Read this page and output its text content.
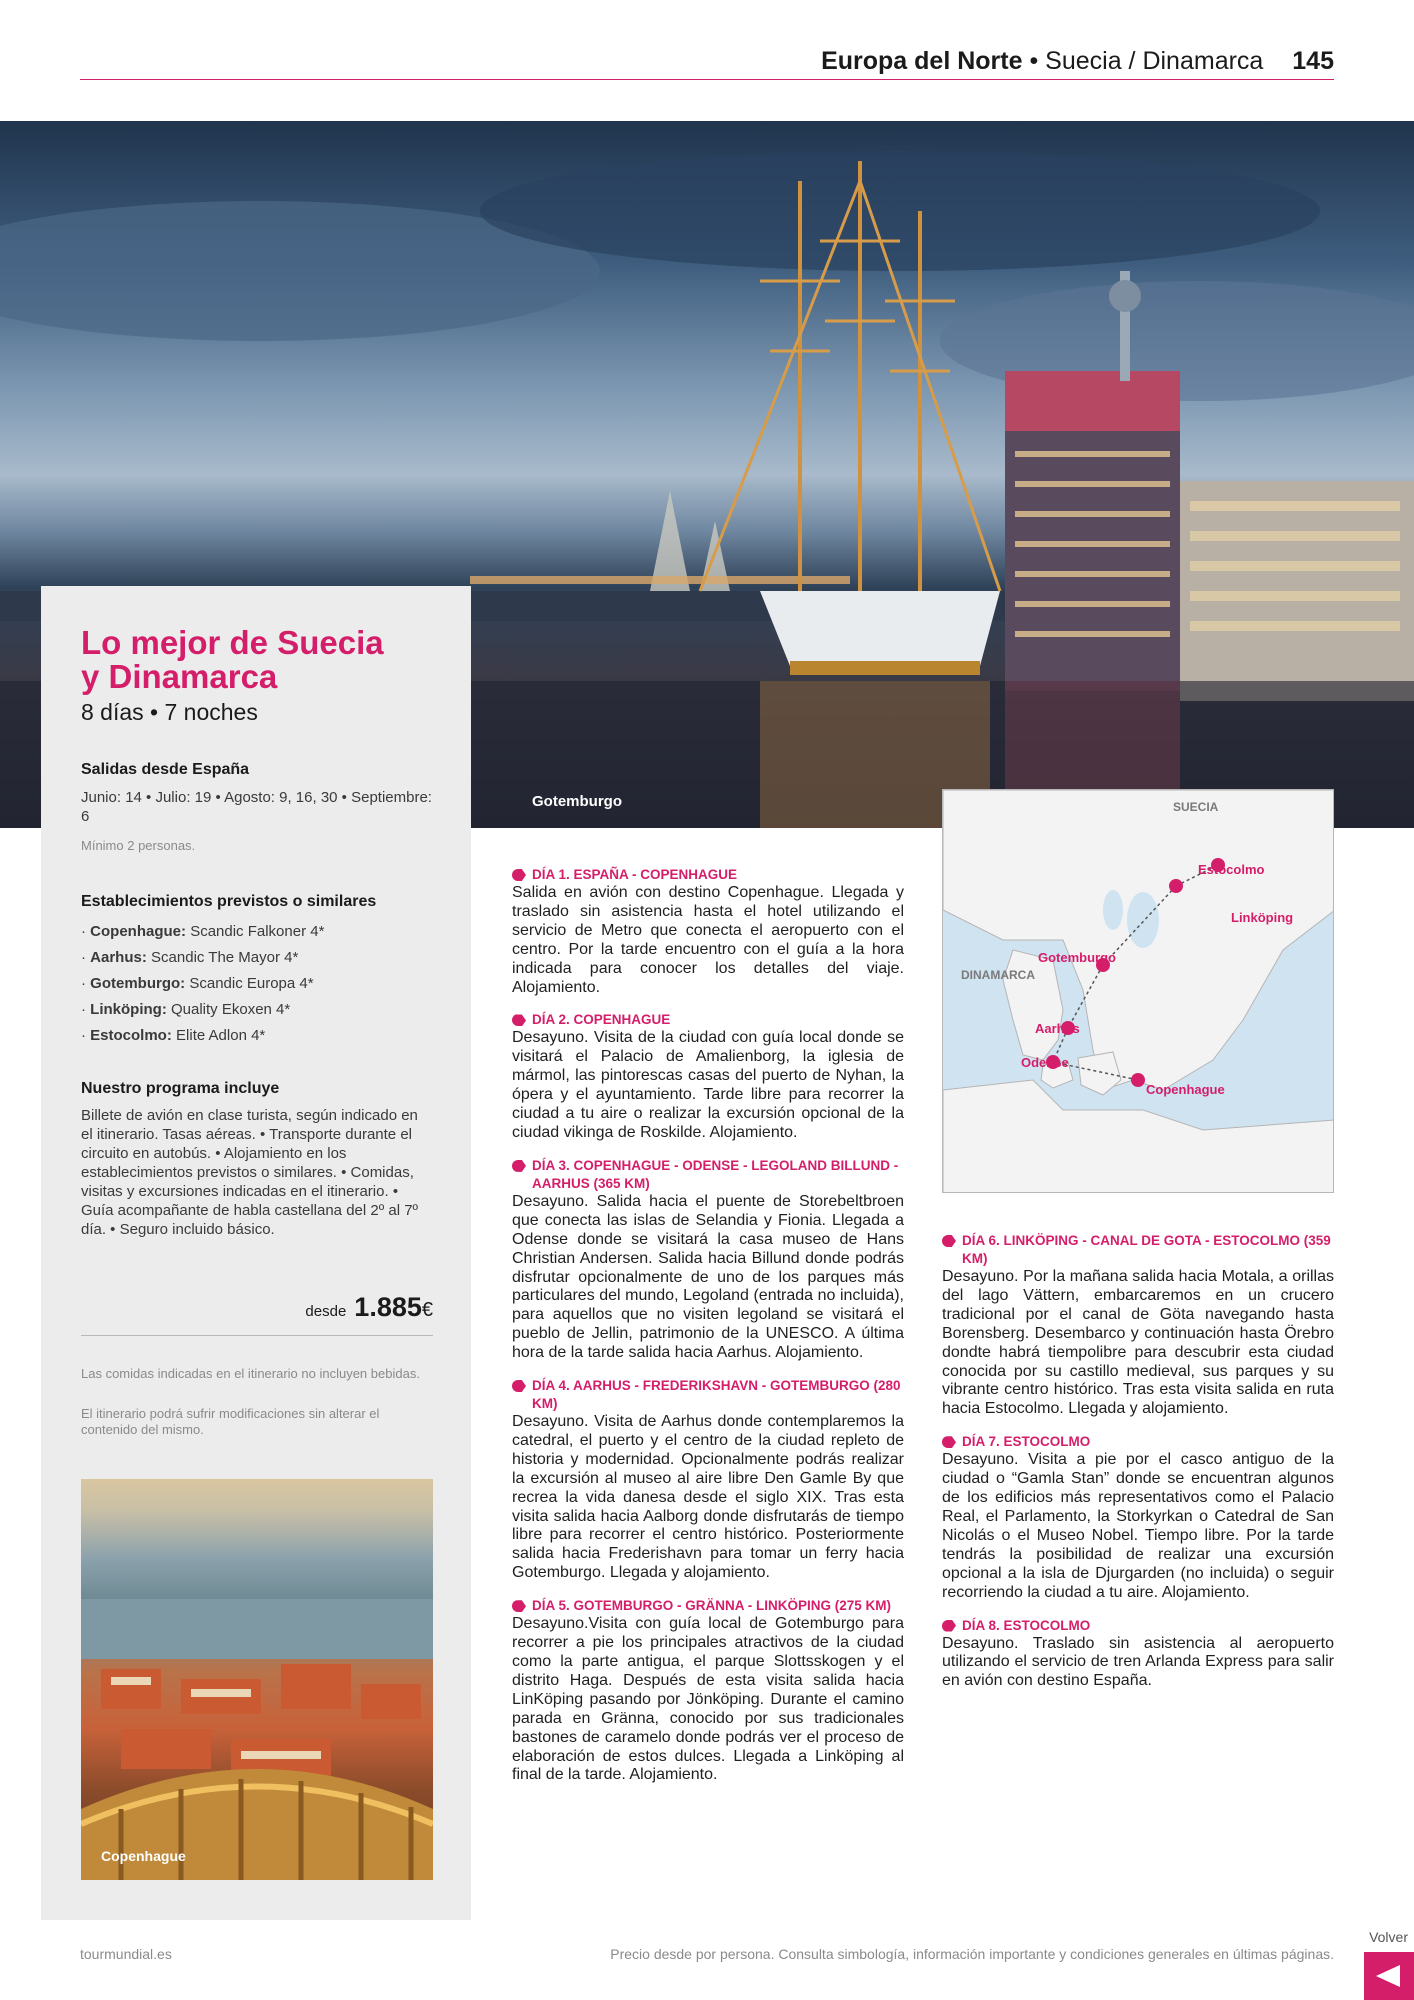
Europa del Norte • Suecia / Dinamarca 145
Gotemburgo
Lo mejor de Suecia
y Dinamarca
8 días • 7 noches
Salidas desde España
Junio: 14 • Julio: 19 • Agosto: 9, 16, 30 • Septiembre: 6
Mínimo 2 personas.
Establecimientos previstos o similares
· Copenhague: Scandic Falkoner 4*
· Aarhus: Scandic The Mayor 4*
· Gotemburgo: Scandic Europa 4*
· Linköping: Quality Ekoxen 4*
· Estocolmo: Elite Adlon 4*
Nuestro programa incluye
Billete de avión en clase turista, según indicado en el itinerario. Tasas aéreas. • Transporte durante el circuito en autobús. • Alojamiento en los establecimientos previstos o similares. • Comidas, visitas y excursiones indicadas en el itinerario. • Guía acompañante de habla castellana del 2º al 7º día. • Seguro incluido básico.
desde 1.885€
Las comidas indicadas en el itinerario no incluyen bebidas.
El itinerario podrá sufrir modificaciones sin alterar el contenido del mismo.
Copenhague
DÍA 1. ESPAÑA - COPENHAGUE

Salida en avión con destino Copenhague. Llegada y traslado sin asistencia hasta el hotel utilizando el servicio de Metro que conecta el aeropuerto con el centro. Por la tarde encuentro con el guía a la hora indicada para conocer los detalles del viaje. Alojamiento.

DÍA 2. COPENHAGUE

Desayuno. Visita de la ciudad con guía local donde se visitará el Palacio de Amalienborg, la iglesia de mármol, las pintorescas casas del puerto de Nyhan, la ópera y el ayuntamiento. Tarde libre para recorrer la ciudad a tu aire o realizar la excursión opcional de la ciudad vikinga de Roskilde. Alojamiento.

DÍA 3. COPENHAGUE - ODENSE - LEGOLAND BILLUND - AARHUS (365 KM)

Desayuno. Salida hacia el puente de Storebeltbroen que conecta las islas de Selandia y Fionia. Llegada a Odense donde se visitará la casa museo de Hans Christian Andersen. Salida hacia Billund donde podrás disfrutar opcionalmente de uno de los parques más particulares del mundo, Legoland (entrada no incluida), para aquellos que no visiten legoland se visitará el pueblo de Jellin, patrimonio de la UNESCO. A última hora de la tarde salida hacia Aarhus. Alojamiento.

DÍA 4. AARHUS - FREDERIKSHAVN - GOTEMBURGO (280 KM)

Desayuno. Visita de Aarhus donde contemplaremos la catedral, el puerto y el centro de la ciudad repleto de historia y modernidad. Opcionalmente podrás realizar la excursión al museo al aire libre Den Gamle By que recrea la vida danesa desde el siglo XIX. Tras esta visita salida hacia Aalborg donde disfrutarás de tiempo libre para recorrer el centro histórico. Posteriormente salida hacia Frederishavn para tomar un ferry hacia Gotemburgo. Llegada y alojamiento.

DÍA 5. GOTEMBURGO - GRÄNNA - LINKÖPING (275 KM)

Desayuno.Visita con guía local de Gotemburgo para recorrer a pie los principales atractivos de la ciudad como la parte antigua, el parque Slottsskogen y el distrito Haga. Después de esta visita salida hacia LinKöping pasando por Jönköping. Durante el camino parada en Gränna, conocido por sus tradicionales bastones de caramelo donde podrás ver el proceso de elaboración de estos dulces. Llegada a Linköping al final de la tarde. Alojamiento.

SUECIA
DINAMARCA
Estocolmo
Linköping
Gotemburgo
Aarhus
Odense
Copenhague
DÍA 6. LINKÖPING - CANAL DE GOTA - ESTOCOLMO (359 KM)

Desayuno. Por la mañana salida hacia Motala, a orillas del lago Vättern, embarcaremos en un crucero tradicional por el canal de Göta navegando hasta Borensberg. Desembarco y continuación hasta Örebro dondte habrá tiempolibre para descubrir esta ciudad conocida por su castillo medieval, sus parques y su vibrante centro histórico. Tras esta visita salida en ruta hacia Estocolmo. Llegada y alojamiento.

DÍA 7. ESTOCOLMO

Desayuno. Visita a pie por el casco antiguo de la ciudad o “Gamla Stan” donde se encuentran algunos de los edificios más representativos como el Palacio Real, el Parlamento, la Storkyrkan o Catedral de San Nicolás o el Museo Nobel. Tiempo libre. Por la tarde tendrás la posibilidad de realizar una excursión opcional a la isla de Djurgarden (no incluida) o seguir recorriendo la ciudad a tu aire. Alojamiento.

DÍA 8. ESTOCOLMO

Desayuno. Traslado sin asistencia al aeropuerto utilizando el servicio de tren Arlanda Express para salir en avión con destino España.

tourmundial.es	Precio desde por persona. Consulta simbología, información importante y condiciones generales en últimas páginas.
Volver
